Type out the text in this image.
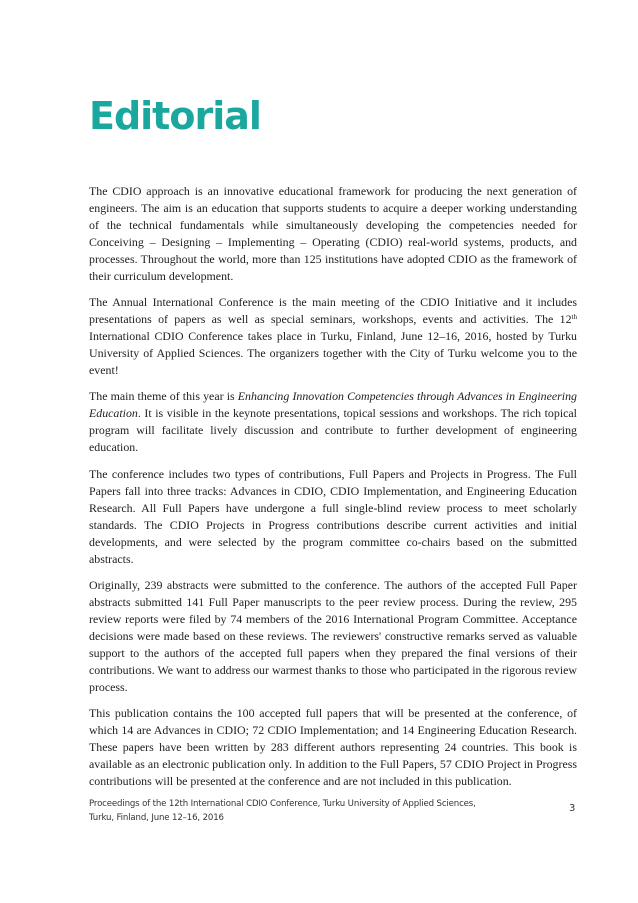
Editorial

The CDIO approach is an innovative educational framework for producing the next generation of engineers. The aim is an education that supports students to acquire a deeper working understanding of the technical fundamentals while simultaneously developing the competencies needed for Conceiving – Designing – Implementing – Operating (CDIO) real-world systems, products, and processes. Throughout the world, more than 125 institutions have adopted CDIO as the framework of their curriculum development.

The Annual International Conference is the main meeting of the CDIO Initiative and it includes presentations of papers as well as special seminars, workshops, events and activities. The 12th International CDIO Conference takes place in Turku, Finland, June 12–16, 2016, hosted by Turku University of Applied Sciences. The organizers together with the City of Turku welcome you to the event!

The main theme of this year is Enhancing Innovation Competencies through Advances in Engineering Education. It is visible in the keynote presentations, topical sessions and workshops. The rich topical program will facilitate lively discussion and contribute to further development of engineering education.

The conference includes two types of contributions, Full Papers and Projects in Progress. The Full Papers fall into three tracks: Advances in CDIO, CDIO Implementation, and Engineering Education Research. All Full Papers have undergone a full single-blind review process to meet scholarly standards. The CDIO Projects in Progress contributions describe current activities and initial developments, and were selected by the program committee co-chairs based on the submitted abstracts.

Originally, 239 abstracts were submitted to the conference. The authors of the accepted Full Paper abstracts submitted 141 Full Paper manuscripts to the peer review process. During the review, 295 review reports were filed by 74 members of the 2016 International Program Committee. Acceptance decisions were made based on these reviews. The reviewers' constructive remarks served as valuable support to the authors of the accepted full papers when they prepared the final versions of their contributions. We want to address our warmest thanks to those who participated in the rigorous review process.

This publication contains the 100 accepted full papers that will be presented at the conference, of which 14 are Advances in CDIO; 72 CDIO Implementation; and 14 Engineering Education Research. These papers have been written by 283 different authors representing 24 countries. This book is available as an electronic publication only. In addition to the Full Papers, 57 CDIO Project in Progress contributions will be presented at the conference and are not included in this publication.

Proceedings of the 12th International CDIO Conference, Turku University of Applied Sciences,
Turku, Finland, June 12–16, 2016
3
